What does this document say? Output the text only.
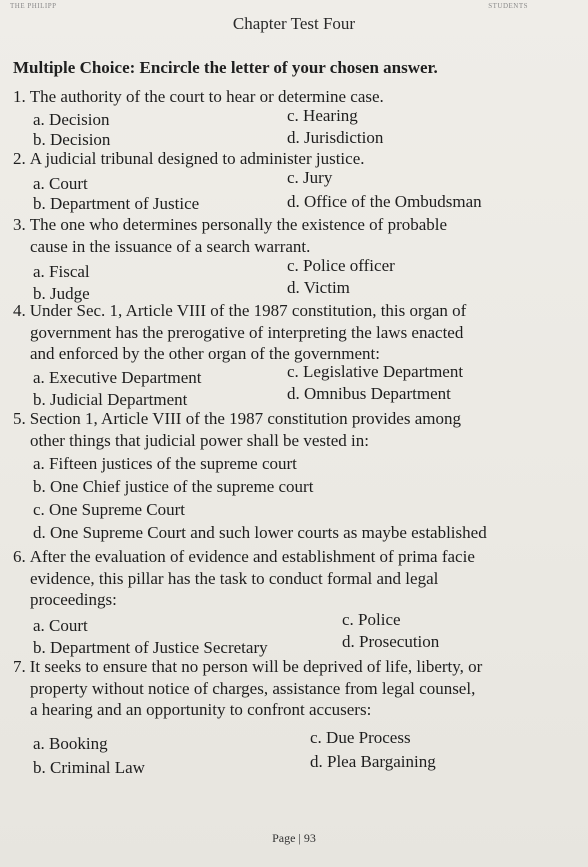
THE PHILIPP	STUDENTS
Chapter Test Four
Multiple Choice: Encircle the letter of your chosen answer.
1. The authority of the court to hear or determine case.
a. Decision	c. Hearing
b. Decision	d. Jurisdiction
2. A judicial tribunal designed to administer justice.
a. Court	c. Jury
b. Department of Justice	d. Office of the Ombudsman
3. The one who determines personally the existence of probable
cause in the issuance of a search warrant.
a. Fiscal	c. Police officer
b. Judge	d. Victim
4. Under Sec. 1, Article VIII of the 1987 constitution, this organ of
government has the prerogative of interpreting the laws enacted
and enforced by the other organ of the government:
a. Executive Department	c. Legislative Department
b. Judicial Department	d. Omnibus Department
5. Section 1, Article VIII of the 1987 constitution provides among
other things that judicial power shall be vested in:
a. Fifteen justices of the supreme court
b. One Chief justice of the supreme court
c. One Supreme Court
d. One Supreme Court and such lower courts as maybe established
6. After the evaluation of evidence and establishment of prima facie
evidence, this pillar has the task to conduct formal and legal
proceedings:
a. Court	c. Police
b. Department of Justice Secretary	d. Prosecution
7. It seeks to ensure that no person will be deprived of life, liberty, or
property without notice of charges, assistance from legal counsel,
a hearing and an opportunity to confront accusers:
a. Booking	c. Due Process
b. Criminal Law	d. Plea Bargaining
Page | 93
